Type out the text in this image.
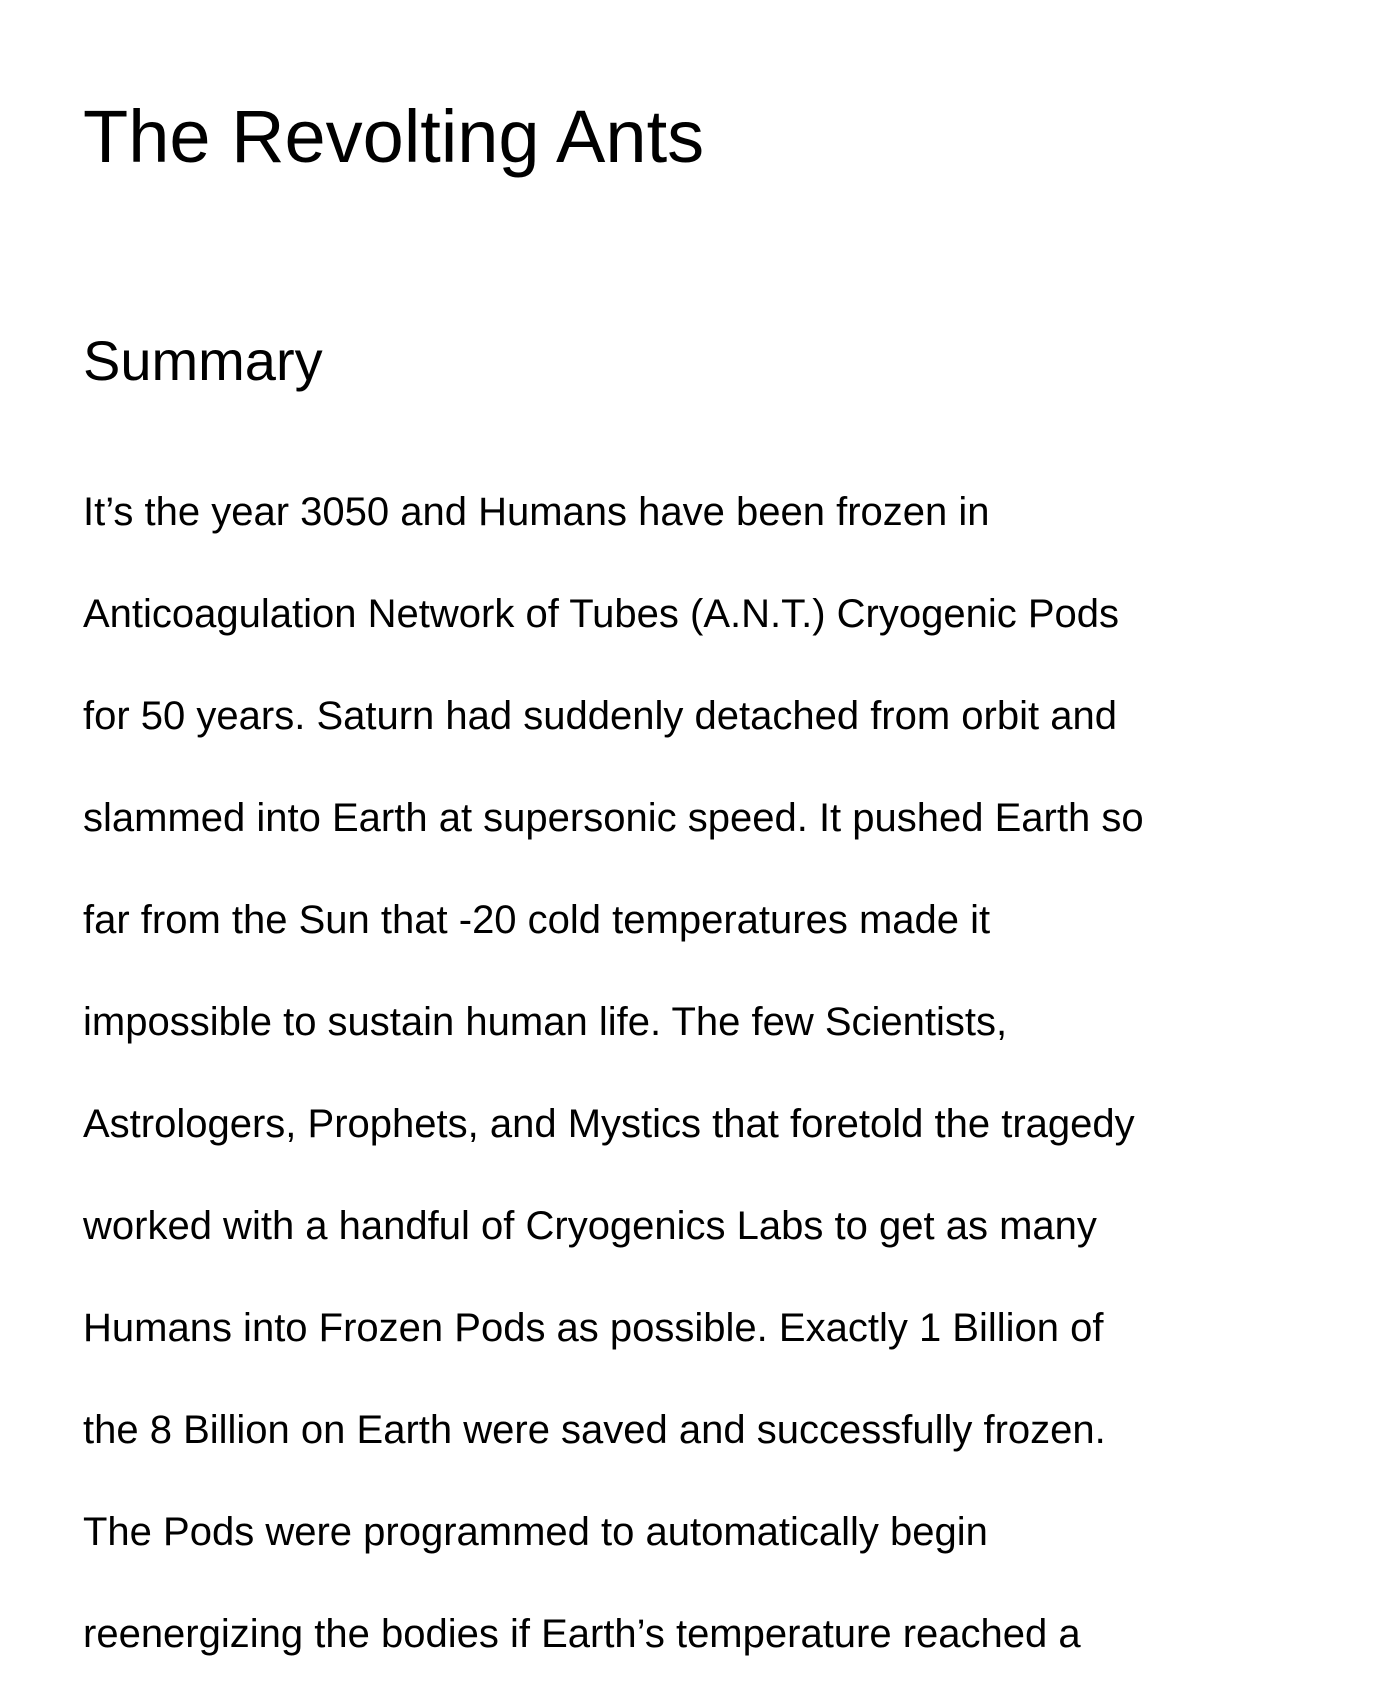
The Revolting Ants
Summary
It’s the year 3050 and Humans have been frozen in
Anticoagulation Network of Tubes (A.N.T.) Cryogenic Pods
for 50 years. Saturn had suddenly detached from orbit and
slammed into Earth at supersonic speed. It pushed Earth so
far from the Sun that -20 cold temperatures made it
impossible to sustain human life. The few Scientists,
Astrologers, Prophets, and Mystics that foretold the tragedy
worked with a handful of Cryogenics Labs to get as many
Humans into Frozen Pods as possible. Exactly 1 Billion of
the 8 Billion on Earth were saved and successfully frozen.
The Pods were programmed to automatically begin
reenergizing the bodies if Earth’s temperature reached a
